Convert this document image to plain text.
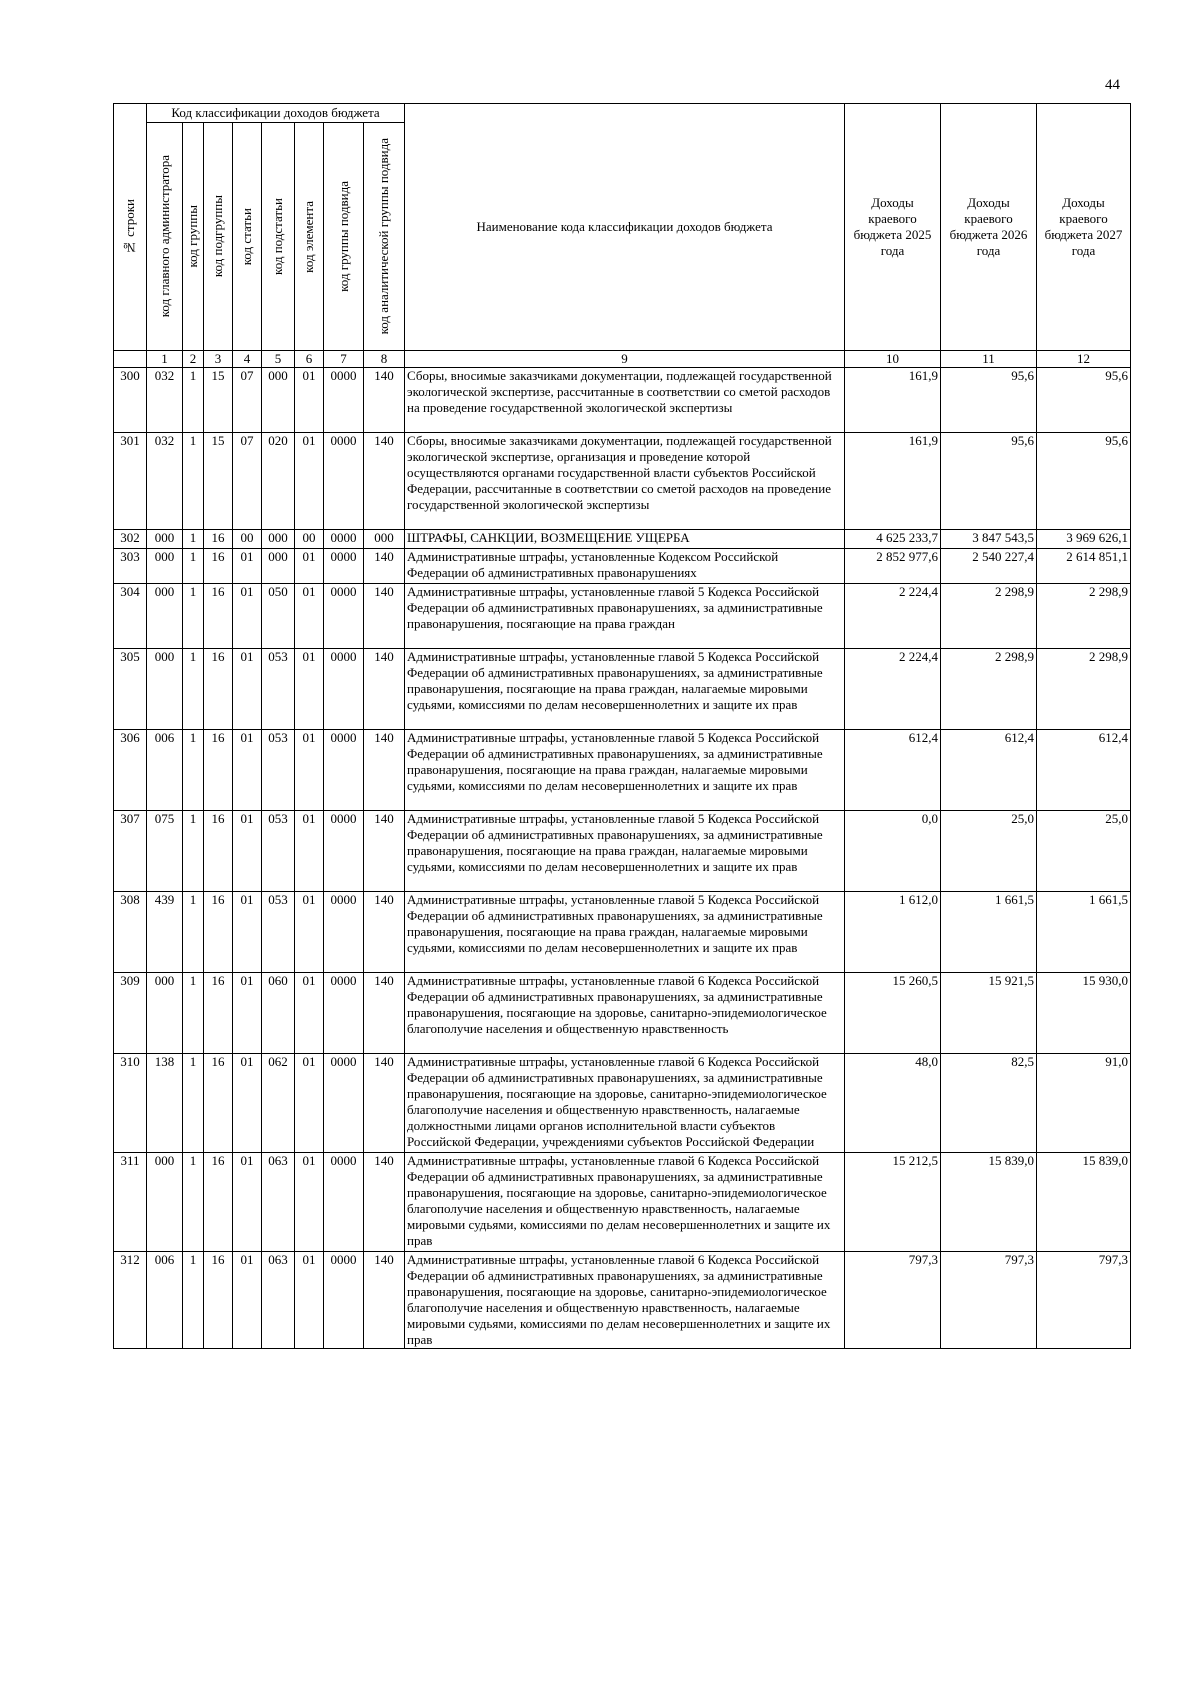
44
№ строки	Код классификации доходов бюджета								Наименование кода классификации доходов бюджета	Доходы краевого бюджета 2025 года	Доходы краевого бюджета 2026 года	Доходы краевого бюджета 2027 года

	код главного администратора	код группы	код подгруппы	код статьи	код подстатьи	код элемента	код группы подвида	код аналитической группы подвида				

	1	2	3	4	5	6	7	8	9	10	11	12
300	032	1	15	07	000	01	0000	140	Сборы, вносимые заказчиками документации, подлежащей государственной экологической экспертизе, рассчитанные в соответствии со сметой расходов на проведение государственной экологической экспертизы	161,9	95,6	95,6
301	032	1	15	07	020	01	0000	140	Сборы, вносимые заказчиками документации, подлежащей государственной экологической экспертизе, организация и проведение которой осуществляются органами государственной власти субъектов Российской Федерации, рассчитанные в соответствии со сметой расходов на проведение государственной экологической экспертизы	161,9	95,6	95,6
302	000	1	16	00	000	00	0000	000	ШТРАФЫ, САНКЦИИ, ВОЗМЕЩЕНИЕ УЩЕРБА	4 625 233,7	3 847 543,5	3 969 626,1
303	000	1	16	01	000	01	0000	140	Административные штрафы, установленные Кодексом Российской Федерации об административных правонарушениях	2 852 977,6	2 540 227,4	2 614 851,1
304	000	1	16	01	050	01	0000	140	Административные штрафы, установленные главой 5 Кодекса Российской Федерации об административных правонарушениях, за административные правонарушения, посягающие на права граждан	2 224,4	2 298,9	2 298,9
305	000	1	16	01	053	01	0000	140	Административные штрафы, установленные главой 5 Кодекса Российской Федерации об административных правонарушениях, за административные правонарушения, посягающие на права граждан, налагаемые мировыми судьями, комиссиями по делам несовершеннолетних и защите их прав	2 224,4	2 298,9	2 298,9
306	006	1	16	01	053	01	0000	140	Административные штрафы, установленные главой 5 Кодекса Российской Федерации об административных правонарушениях, за административные правонарушения, посягающие на права граждан, налагаемые мировыми судьями, комиссиями по делам несовершеннолетних и защите их прав	612,4	612,4	612,4
307	075	1	16	01	053	01	0000	140	Административные штрафы, установленные главой 5 Кодекса Российской Федерации об административных правонарушениях, за административные правонарушения, посягающие на права граждан, налагаемые мировыми судьями, комиссиями по делам несовершеннолетних и защите их прав	0,0	25,0	25,0
308	439	1	16	01	053	01	0000	140	Административные штрафы, установленные главой 5 Кодекса Российской Федерации об административных правонарушениях, за административные правонарушения, посягающие на права граждан, налагаемые мировыми судьями, комиссиями по делам несовершеннолетних и защите их прав	1 612,0	1 661,5	1 661,5
309	000	1	16	01	060	01	0000	140	Административные штрафы, установленные главой 6 Кодекса Российской Федерации об административных правонарушениях, за административные правонарушения, посягающие на здоровье, санитарно-эпидемиологическое благополучие населения и общественную нравственность	15 260,5	15 921,5	15 930,0
310	138	1	16	01	062	01	0000	140	Административные штрафы, установленные главой 6 Кодекса Российской Федерации об административных правонарушениях, за административные правонарушения, посягающие на здоровье, санитарно-эпидемиологическое благополучие населения и общественную нравственность, налагаемые должностными лицами органов исполнительной власти субъектов Российской Федерации, учреждениями субъектов Российской Федерации	48,0	82,5	91,0
311	000	1	16	01	063	01	0000	140	Административные штрафы, установленные главой 6 Кодекса Российской Федерации об административных правонарушениях, за административные правонарушения, посягающие на здоровье, санитарно-эпидемиологическое благополучие населения и общественную нравственность, налагаемые мировыми судьями, комиссиями по делам несовершеннолетних и защите их прав	15 212,5	15 839,0	15 839,0
312	006	1	16	01	063	01	0000	140	Административные штрафы, установленные главой 6 Кодекса Российской Федерации об административных правонарушениях, за административные правонарушения, посягающие на здоровье, санитарно-эпидемиологическое благополучие населения и общественную нравственность, налагаемые мировыми судьями, комиссиями по делам несовершеннолетних и защите их прав	797,3	797,3	797,3
